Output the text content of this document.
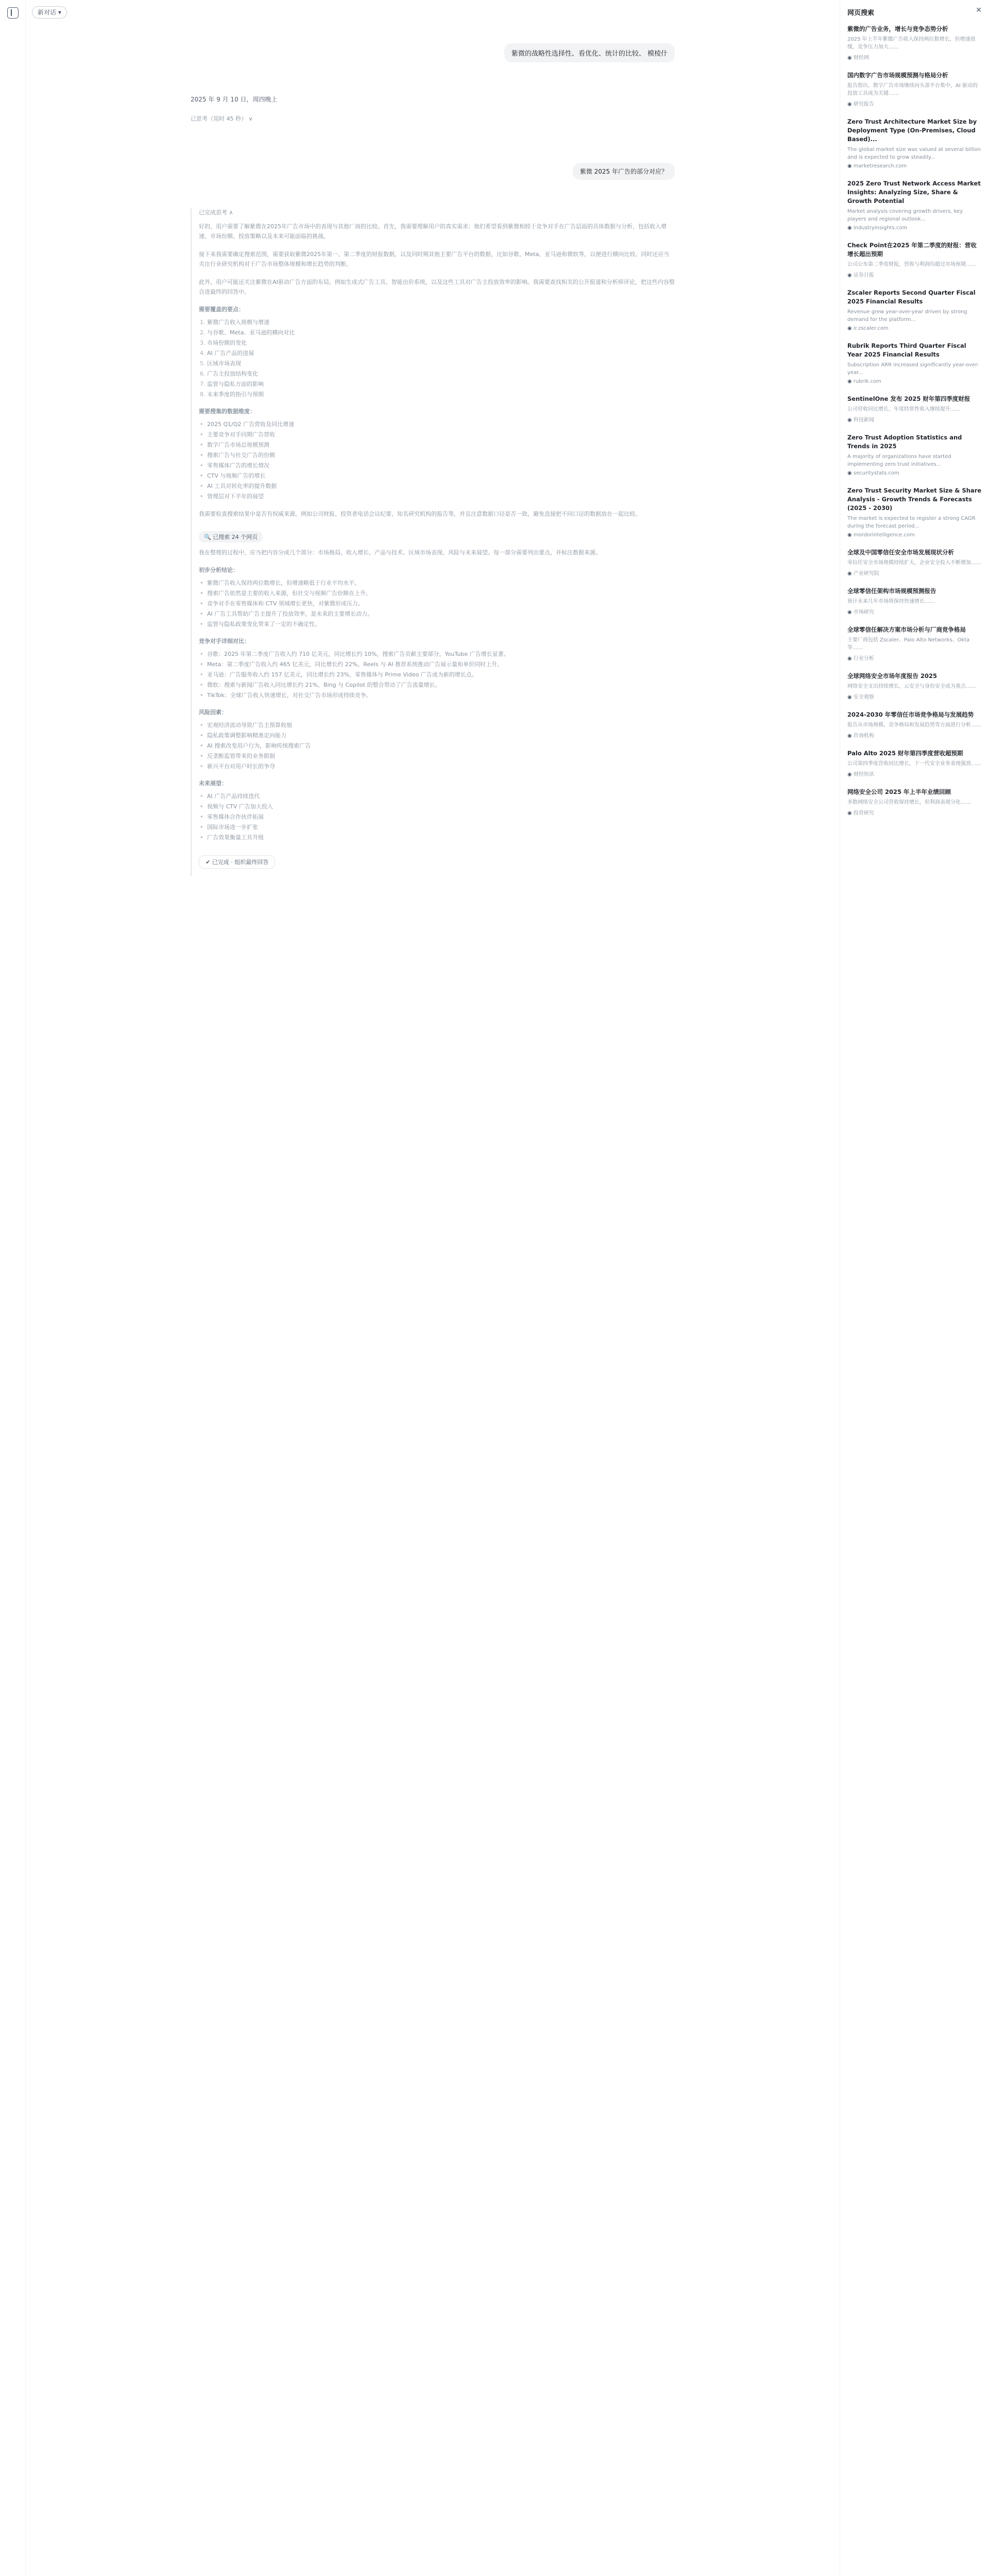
新对话 ▾
紫微的战略性选择性、看优化、统计的比较、 模棱什
2025 年 9 月 10 日，周四晚上
已思考（用时 45 秒） ∨
紫微 2025 年广告的部分对应？
已完成思考 ∧

好的，用户需要了解紫微在2025年广告市场中的表现与其他厂商的比较。首先，我需要理解用户的真实需求：他们希望看到紫微相较于竞争对手在广告层面的具体数据与分析，包括收入增速、市场份额、投放策略以及未来可能面临的挑战。

接下来我需要确定搜索范围，需要获取紫微2025年第一、第二季度的财报数据，以及同时期其他主要广告平台的数据，比如谷歌、Meta、亚马逊和微软等，以便进行横向比较。同时还应当关注行业研究机构对于广告市场整体规模和增长趋势的判断。

此外，用户可能还关注紫微在AI驱动广告方面的布局，例如生成式广告工具、智能出价系统，以及这些工具对广告主投放效率的影响。我需要查找相关的公开报道和分析师评论，把这些内容整合进最终的回答中。

需要覆盖的要点：
紫微广告收入规模与增速
与谷歌、Meta、亚马逊的横向对比
市场份额的变化
AI 广告产品的进展
区域市场表现
广告主投放结构变化
监管与隐私方面的影响
未来季度的指引与预期
需要搜集的数据维度：
• 2025 Q1/Q2 广告营收及同比增速
• 主要竞争对手同期广告营收
• 数字广告市场总规模预测
• 搜索广告与社交广告的份额
• 零售媒体广告的增长情况
• CTV 与视频广告的增长
• AI 工具对转化率的提升数据
• 管理层对下半年的展望

我需要检查搜索结果中是否有权威来源，例如公司财报、投资者电话会议纪要、知名研究机构的报告等，并且注意数据口径是否一致，避免直接把不同口径的数据放在一起比较。

🔍 已搜索 24 个网页

我在整理的过程中，应当把内容分成几个部分：市场格局、收入增长、产品与技术、区域市场表现、风险与未来展望。每一部分需要列出要点，并标注数据来源。

初步分析结论：
• 紫微广告收入保持两位数增长，但增速略低于行业平均水平。
• 搜索广告依然是主要的收入来源，但社交与视频广告份额在上升。
• 竞争对手在零售媒体和 CTV 领域增长更快，对紫微形成压力。
• AI 广告工具帮助广告主提升了投放效率，是未来的主要增长动力。
• 监管与隐私政策变化带来了一定的不确定性。
竞争对手详细对比：
• 谷歌：2025 年第二季度广告收入约 710 亿美元，同比增长约 10%，搜索广告贡献主要部分，YouTube 广告增长显著。
• Meta：第二季度广告收入约 465 亿美元，同比增长约 22%，Reels 与 AI 推荐系统推动广告展示量和单价同时上升。
• 亚马逊：广告服务收入约 157 亿美元，同比增长约 23%，零售媒体与 Prime Video 广告成为新的增长点。
• 微软：搜索与新闻广告收入同比增长约 21%，Bing 与 Copilot 的整合带动了广告流量增长。
• TikTok：全球广告收入快速增长，对社交广告市场形成持续竞争。
风险因素：
• 宏观经济波动导致广告主预算收缩
• 隐私政策调整影响精准定向能力
• AI 搜索改变用户行为，影响传统搜索广告
• 反垄断监管带来的业务限制
• 新兴平台对用户时长的争夺
未来展望：
• AI 广告产品持续迭代
• 视频与 CTV 广告加大投入
• 零售媒体合作伙伴拓展
• 国际市场进一步扩张
• 广告效果衡量工具升级
✔ 已完成 · 组织最终回答

网页搜索	✕
紫微的广告业务，增长与竞争态势分析
2025 年上半年紫微广告收入保持两位数增长，但增速放缓，竞争压力加大……
◉ 财经网
国内数字广告市场规模预测与格局分析
报告指出，数字广告市场继续向头部平台集中，AI 驱动的投放工具成为关键……
◉ 研究报告
Zero Trust Architecture Market Size by Deployment Type (On-Premises, Cloud Based)...
The global market size was valued at several billion and is expected to grow steadily...
◉ marketresearch.com
2025 Zero Trust Network Access Market Insights: Analyzing Size, Share & Growth Potential
Market analysis covering growth drivers, key players and regional outlook...
◉ industryinsights.com
Check Point在2025 年第二季度的财报：营收增长超出预期
公司公布第二季度财报，营收与利润均超过市场预期……
◉ 证券日报
Zscaler Reports Second Quarter Fiscal 2025 Financial Results
Revenue grew year-over-year driven by strong demand for the platform...
◉ ir.zscaler.com
Rubrik Reports Third Quarter Fiscal Year 2025 Financial Results
Subscription ARR increased significantly year-over-year...
◉ rubrik.com
SentinelOne 发布 2025 财年第四季度财报
公司营收同比增长，年度经常性收入继续提升……
◉ 科技新闻
Zero Trust Adoption Statistics and Trends in 2025
A majority of organizations have started implementing zero trust initiatives...
◉ securitystats.com
Zero Trust Security Market Size & Share Analysis - Growth Trends & Forecasts (2025 - 2030)
The market is expected to register a strong CAGR during the forecast period...
◉ mordorintelligence.com
全球及中国零信任安全市场发展现状分析
零信任安全市场规模持续扩大，企业安全投入不断增加……
◉ 产业研究院
全球零信任架构市场规模预测报告
预计未来几年市场将保持快速增长……
◉ 市场研究
全球零信任解决方案市场分析与厂商竞争格局
主要厂商包括 Zscaler、Palo Alto Networks、Okta 等……
◉ 行业分析
全球网络安全市场年度报告 2025
网络安全支出持续增长，云安全与身份安全成为重点……
◉ 安全观察
2024-2030 年零信任市场竞争格局与发展趋势
报告从市场规模、竞争格局和发展趋势等方面进行分析……
◉ 咨询机构
Palo Alto 2025 财年第四季度营收超预期
公司第四季度营收同比增长，下一代安全业务表现强劲……
◉ 财经快讯
网络安全公司 2025 年上半年业绩回顾
多数网络安全公司营收保持增长，但利润表现分化……
◉ 投资研究
